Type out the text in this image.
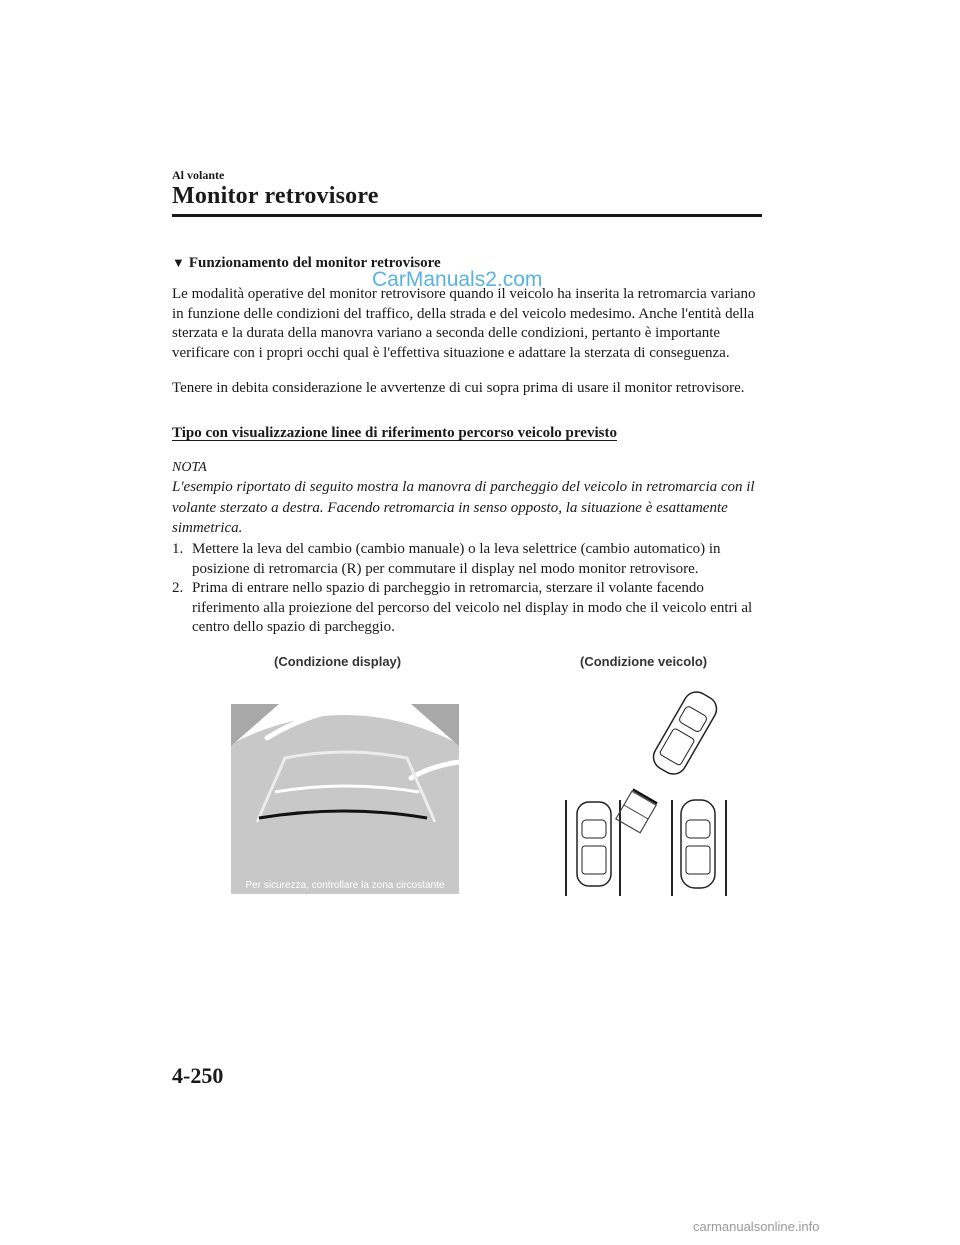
Al volante
Monitor retrovisore
▼ Funzionamento del monitor retrovisore
Le modalità operative del monitor retrovisore quando il veicolo ha inserita la retromarcia variano in funzione delle condizioni del traffico, della strada e del veicolo medesimo. Anche l'entità della sterzata e la durata della manovra variano a seconda delle condizioni, pertanto è importante verificare con i propri occhi qual è l'effettiva situazione e adattare la sterzata di conseguenza.
Tenere in debita considerazione le avvertenze di cui sopra prima di usare il monitor retrovisore.
Tipo con visualizzazione linee di riferimento percorso veicolo previsto
NOTA
L'esempio riportato di seguito mostra la manovra di parcheggio del veicolo in retromarcia con il volante sterzato a destra. Facendo retromarcia in senso opposto, la situazione è esattamente simmetrica.
1. Mettere la leva del cambio (cambio manuale) o la leva selettrice (cambio automatico) in posizione di retromarcia (R) per commutare il display nel modo monitor retrovisore.
2. Prima di entrare nello spazio di parcheggio in retromarcia, sterzare il volante facendo riferimento alla proiezione del percorso del veicolo nel display in modo che il veicolo entri al centro dello spazio di parcheggio.
(Condizione display)	(Condizione veicolo)
Per sicurezza, controllare la zona circostante
4-250
CarManuals2.com
carmanualsonline.info
